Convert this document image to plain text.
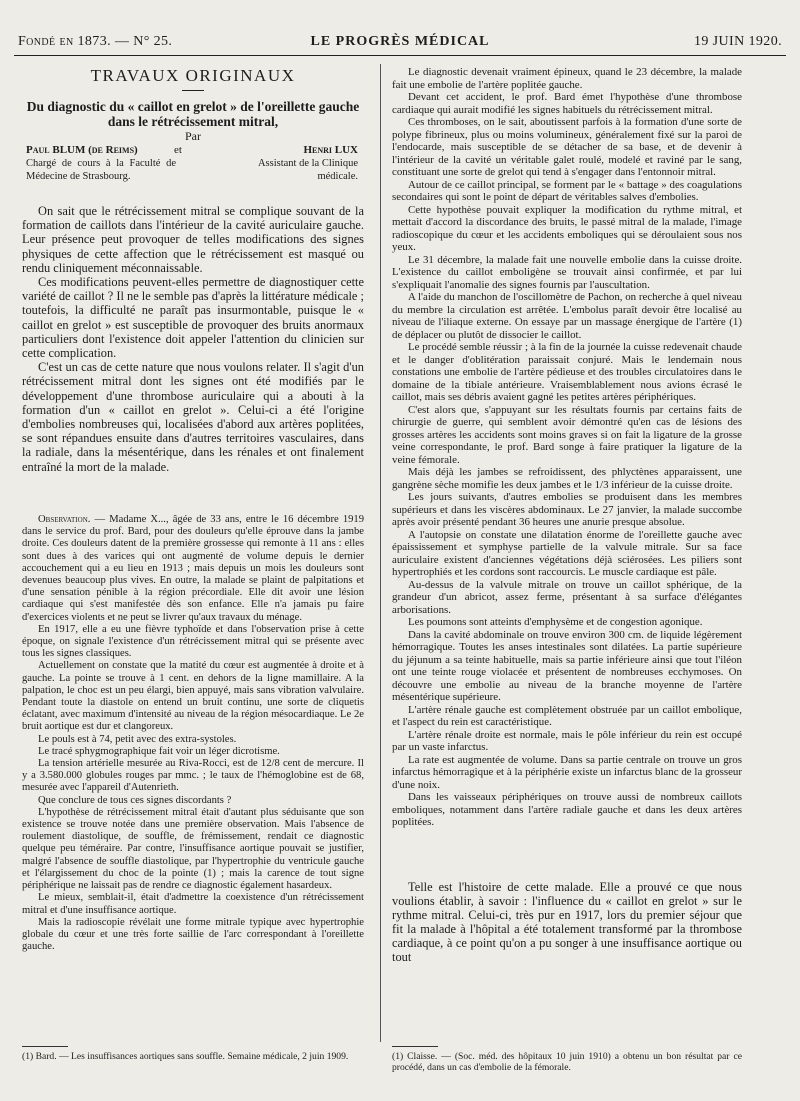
Fondé en 1873. — N° 25.	LE PROGRÈS MÉDICAL	19 JUIN 1920.

TRAVAUX ORIGINAUX

Du diagnostic du « caillot en grelot » de l'oreillette gauche dans le rétrécissement mitral,

Par

Paul BLUM (de Reims)
Chargé de cours à la Faculté de Médecine de Strasbourg.
et	Henri LUX
Assistant de la Clinique médicale.

On sait que le rétrécissement mitral se complique souvant de la formation de caillots dans l'intérieur de la cavité auriculaire gauche. Leur présence peut provoquer de telles modifications des signes physiques de cette affection que le rétrécissement est masqué ou rendu cliniquement méconnaissable.

Ces modifications peuvent-elles permettre de diagnostiquer cette variété de caillot ? Il ne le semble pas d'après la littérature médicale ; toutefois, la difficulté ne paraît pas insurmontable, puisque le « caillot en grelot » est susceptible de provoquer des bruits anormaux particuliers dont l'existence doit appeler l'attention du clinicien sur cette complication.

C'est un cas de cette nature que nous voulons relater. Il s'agit d'un rétrécissement mitral dont les signes ont été modifiés par le développement d'une thrombose auriculaire qui a abouti à la formation d'un « caillot en grelot ». Celui-ci a été l'origine d'embolies nombreuses qui, localisées d'abord aux artères poplitées, se sont répandues ensuite dans d'autres territoires vasculaires, dans la radiale, dans la mésentérique, dans les rénales et ont finalement entraîné la mort de la malade.

Observation. — Madame X..., âgée de 33 ans, entre le 16 décembre 1919 dans le service du prof. Bard, pour des douleurs qu'elle éprouve dans la jambe droite. Ces douleurs datent de la première grossesse qui remonte à 11 ans : elles sont dues à des varices qui ont augmenté de volume depuis le dernier accouchement qui a eu lieu en 1913 ; mais depuis un mois les douleurs sont devenues beaucoup plus vives. En outre, la malade se plaint de palpitations et d'une sensation pénible à la région précordiale. Elle dit avoir une lésion cardiaque qui s'est manifestée dès son enfance. Elle n'a jamais pu faire d'exercices violents et ne peut se livrer qu'aux travaux du ménage.

En 1917, elle a eu une fièvre typhoïde et dans l'observation prise à cette époque, on signale l'existence d'un rétrécissement mitral qui se présente avec tous les signes classiques.

Actuellement on constate que la matité du cœur est augmentée à droite et à gauche. La pointe se trouve à 1 cent. en dehors de la ligne mamillaire. A la palpation, le choc est un peu élargi, bien appuyé, mais sans vibration valvulaire. Pendant toute la diastole on entend un bruit continu, une sorte de cliquetis éclatant, avec maximum d'intensité au niveau de la région mésocardiaque. Le 2e bruit aortique est dur et clangoreux.

Le pouls est à 74, petit avec des extra-systoles.

Le tracé sphygmographique fait voir un léger dicrotisme.

La tension artérielle mesurée au Riva-Rocci, est de 12/8 cent de mercure. Il y a 3.580.000 globules rouges par mmc. ; le taux de l'hémoglobine est de 68, mesurée avec l'appareil d'Autenrieth.

Que conclure de tous ces signes discordants ?

L'hypothèse de rétrécissement mitral était d'autant plus séduisante que son existence se trouve notée dans une première observation. Mais l'absence de roulement diastolique, de souffle, de frémissement, rendait ce diagnostic quelque peu téméraire. Par contre, l'insuffisance aortique pouvait se justifier, malgré l'absence de souffle diastolique, par l'hypertrophie du ventricule gauche et l'élargissement du choc de la pointe (1) ; mais la carence de tout signe périphérique ne laissait pas de rendre ce diagnostic également hasardeux.

Le mieux, semblait-il, était d'admettre la coexistence d'un rétrécissement mitral et d'une insuffisance aortique.

Mais la radioscopie révélait une forme mitrale typique avec hypertrophie globale du cœur et une très forte saillie de l'arc correspondant à l'oreillette gauche.

(1) Bard. — Les insuffisances aortiques sans souffle. Semaine médicale, 2 juin 1909.

Le diagnostic devenait vraiment épineux, quand le 23 décembre, la malade fait une embolie de l'artère poplitée gauche.

Devant cet accident, le prof. Bard émet l'hypothèse d'une thrombose cardiaque qui aurait modifié les signes habituels du rétrécissement mitral.

Ces thromboses, on le sait, aboutissent parfois à la formation d'une sorte de polype fibrineux, plus ou moins volumineux, généralement fixé sur la paroi de l'endocarde, mais susceptible de se détacher de sa base, et de devenir à l'intérieur de la cavité un véritable galet roulé, modelé et raviné par le sang, constituant une sorte de grelot qui tend à s'engager dans l'entonnoir mitral.

Autour de ce caillot principal, se forment par le « battage » des coagulations secondaires qui sont le point de départ de véritables salves d'embolies.

Cette hypothèse pouvait expliquer la modification du rythme mitral, et mettait d'accord la discordance des bruits, le passé mitral de la malade, l'image radioscopique du cœur et les accidents emboliques qui se déroulaient sous nos yeux.

Le 31 décembre, la malade fait une nouvelle embolie dans la cuisse droite. L'existence du caillot emboligène se trouvait ainsi confirmée, et par lui s'expliquait l'anomalie des signes fournis par l'auscultation.

A l'aide du manchon de l'oscillomètre de Pachon, on recherche à quel niveau du membre la circulation est arrêtée. L'embolus paraît devoir être localisé au niveau de l'iliaque externe. On essaye par un massage énergique de l'artère (1) de déplacer ou plutôt de dissocier le caillot.

Le procédé semble réussir ; à la fin de la journée la cuisse redevenait chaude et le danger d'oblitération paraissait conjuré. Mais le lendemain nous constations une embolie de l'artère pédieuse et des troubles circulatoires dans le domaine de la tibiale antérieure. Vraisemblablement nous avions écrasé le caillot, mais ses débris avaient gagné les petites artères périphériques.

C'est alors que, s'appuyant sur les résultats fournis par certains faits de chirurgie de guerre, qui semblent avoir démontré qu'en cas de lésions des grosses artères les accidents sont moins graves si on fait la ligature de la grosse veine correspondante, le prof. Bard songe à faire pratiquer la ligature de la veine fémorale.

Mais déjà les jambes se refroidissent, des phlyctènes apparaissent, une gangrène sèche momifie les deux jambes et le 1/3 inférieur de la cuisse droite.

Les jours suivants, d'autres embolies se produisent dans les membres supérieurs et dans les viscères abdominaux. Le 27 janvier, la malade succombe après avoir présenté pendant 36 heures une anurie presque absolue.

A l'autopsie on constate une dilatation énorme de l'oreillette gauche avec épaississement et symphyse partielle de la valvule mitrale. Sur sa face auriculaire existent d'anciennes végétations déjà sciérosées. Les piliers sont hypertrophiés et les cordons sont raccourcis. Le muscle cardiaque est pâle.

Au-dessus de la valvule mitrale on trouve un caillot sphérique, de la grandeur d'un abricot, assez ferme, présentant à sa surface d'élégantes arborisations.

Les poumons sont atteints d'emphysème et de congestion agonique.

Dans la cavité abdominale on trouve environ 300 cm. de liquide légèrement hémorragique. Toutes les anses intestinales sont dilatées. La partie supérieure du jéjunum a sa teinte habituelle, mais sa partie inférieure ainsi que tout l'iléon ont une teinte rouge violacée et présentent de nombreuses ecchymoses. On découvre une embolie au niveau de la branche moyenne de l'artère mésentérique supérieure.

L'artère rénale gauche est complètement obstruée par un caillot embolique, et l'aspect du rein est caractéristique.

L'artère rénale droite est normale, mais le pôle inférieur du rein est occupé par un vaste infarctus.

La rate est augmentée de volume. Dans sa partie centrale on trouve un gros infarctus hémorragique et à la périphérie existe un infarctus blanc de la grosseur d'une noix.

Dans les vaisseaux périphériques on trouve aussi de nombreux caillots emboliques, notamment dans l'artère radiale gauche et dans les deux artères poplitées.

Telle est l'histoire de cette malade. Elle a prouvé ce que nous voulions établir, à savoir : l'influence du « caillot en grelot » sur le rythme mitral. Celui-ci, très pur en 1917, lors du premier séjour que fit la malade à l'hôpital a été totalement transformé par la thrombose cardiaque, à ce point qu'on a pu songer à une insuffisance aortique ou tout

(1) Claisse. — (Soc. méd. des hôpitaux 10 juin 1910) a obtenu un bon résultat par ce procédé, dans un cas d'embolie de la fémorale.
